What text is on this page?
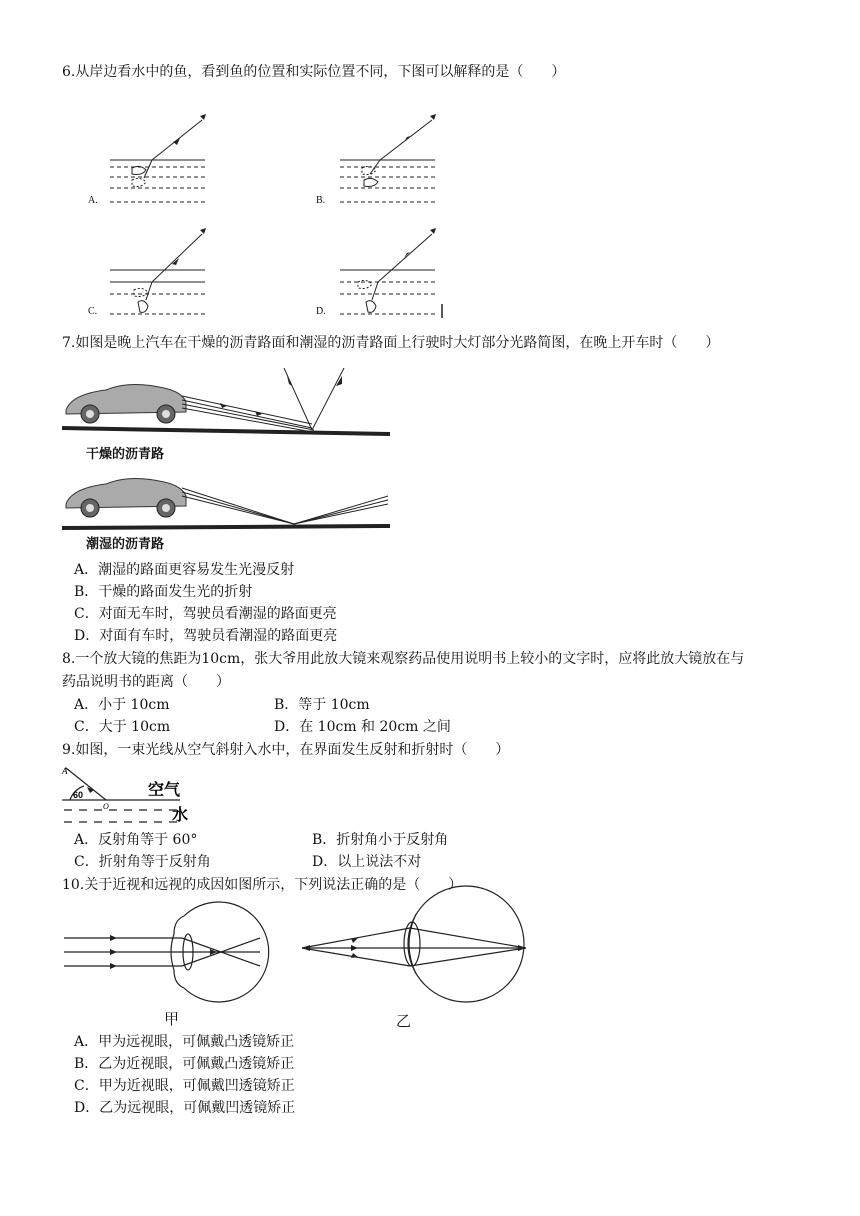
6.从岸边看水中的鱼，看到鱼的位置和实际位置不同，下图可以解释的是（　　）
A.	B.
C.	D.
7.如图是晚上汽车在干燥的沥青路面和潮湿的沥青路面上行驶时大灯部分光路简图，在晚上开车时（　　）
干燥的沥青路
潮湿的沥青路
A．潮湿的路面更容易发生光漫反射
B．干燥的路面发生光的折射
C．对面无车时，驾驶员看潮湿的路面更亮
D．对面有车时，驾驶员看潮湿的路面更亮
8.一个放大镜的焦距为10cm，张大爷用此放大镜来观察药品使用说明书上较小的文字时，应将此放大镜放在与
药品说明书的距离（　　）
A．小于 10cm	B．等于 10cm
C．大于 10cm	D．在 10cm 和 20cm 之间
9.如图，一束光线从空气斜射入水中，在界面发生反射和折射时（　　）
A
60
O
空气
水
A．反射角等于 60°	B．折射角小于反射角
C．折射角等于反射角	D．以上说法不对
10.关于近视和远视的成因如图所示，下列说法正确的是（　　）
甲	乙
A．甲为远视眼，可佩戴凸透镜矫正
B．乙为近视眼，可佩戴凸透镜矫正
C．甲为近视眼，可佩戴凹透镜矫正
D．乙为远视眼，可佩戴凹透镜矫正
